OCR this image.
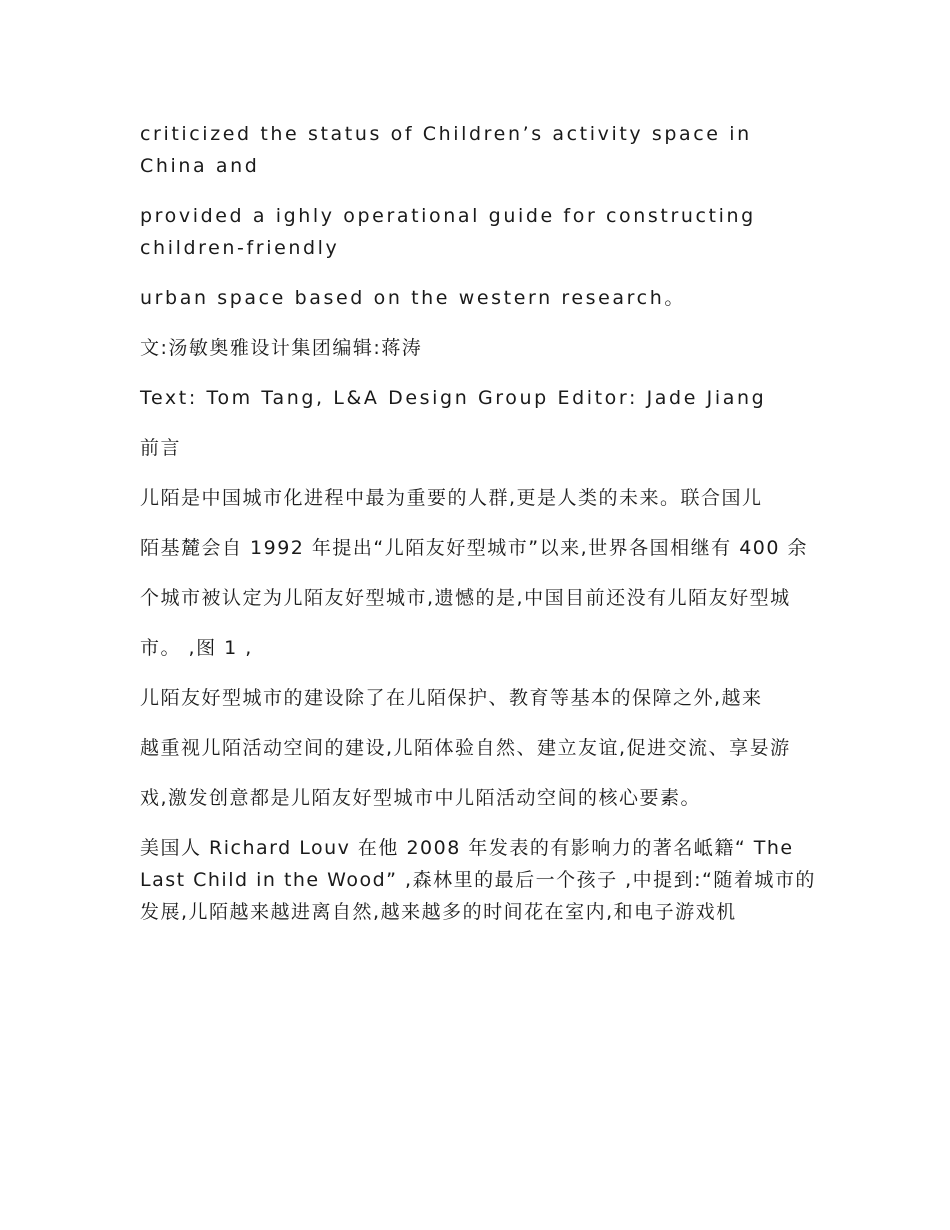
criticized the status of Children’s activity space in China and

provided a ighly operational guide for constructing children-friendly

urban space based on the western research。

文:汤敏奥雅设计集团编辑:蒋涛

Text: Tom Tang, L&A Design Group Editor: Jade Jiang

前言

儿陌是中国城市化进程中最为重要的人群,更是人类的未来。联合国儿

陌基麓会自 1992 年提出“儿陌友好型城市”以来,世界各国相继有 400 余

个城市被认定为儿陌友好型城市,遗憾的是,中国目前还没有儿陌友好型城

市。 ,图 1 ,

儿陌友好型城市的建设除了在儿陌保护、教育等基本的保障之外,越来

越重视儿陌活动空间的建设,儿陌体验自然、建立友谊,促进交流、享妟游

戏,激发创意都是儿陌友好型城市中儿陌活动空间的核心要素。

美国人 Richard Louv 在他 2008 年发表的有影响力的著名岻籍“ The Last Child in the Wood” ,森林里的最后一个孩子 ,中提到:“随着城市的发展,儿陌越来越进离自然,越来越多的时间花在室内,和电子游戏机
